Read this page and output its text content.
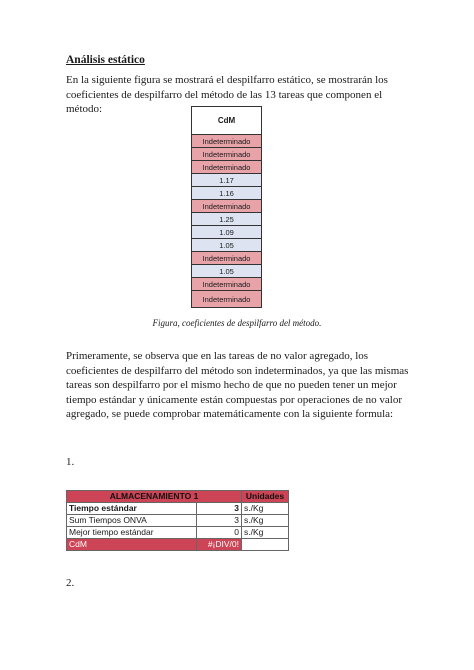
Análisis estático
En la siguiente figura se mostrará el despilfarro estático, se mostrarán los coeficientes de despilfarro del método de las 13 tareas que componen el método:
CdM
Indeterminado
Indeterminado
Indeterminado
1.17
1.16
Indeterminado
1.25
1.09
1.05
Indeterminado
1.05
Indeterminado
Indeterminado
Figura, coeficientes de despilfarro del método.
Primeramente, se observa que en las tareas de no valor agregado, los coeficientes de despilfarro del método son indeterminados, ya que las mismas tareas son despilfarro por el mismo hecho de que no pueden tener un mejor tiempo estándar y únicamente están compuestas por operaciones de no valor agregado, se puede comprobar matemáticamente con la siguiente formula:
1.
ALMACENAMIENTO 1		Unidades
Tiempo estándar	3	s./Kg
Sum Tiempos ONVA	3	s./Kg
Mejor tiempo estándar	0	s./Kg
CdM	#¡DIV/0!	
2.
